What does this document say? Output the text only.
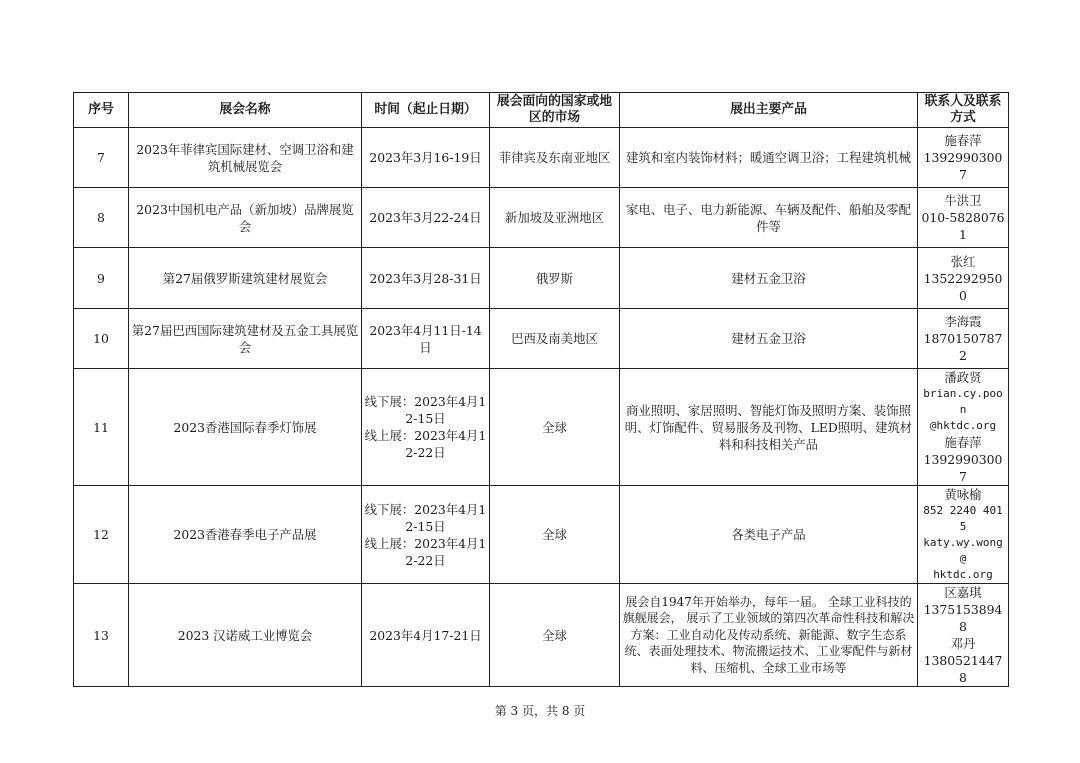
序号	展会名称	时间（起止日期）	展会面向的国家或地区的市场	展出主要产品	联系人及联系方式
7	2023年菲律宾国际建材、空调卫浴和建筑机械展览会	2023年3月16-19日	菲律宾及东南亚地区	建筑和室内装饰材料；暖通空调卫浴；工程建筑机械	施春萍
13929903007

8	2023中国机电产品（新加坡）品牌展览会	2023年3月22-24日	新加坡及亚洲地区	家电、电子、电力新能源、车辆及配件、船舶及零配件等	牛洪卫
010-58280761

9	第27届俄罗斯建筑建材展览会	2023年3月28-31日	俄罗斯	建材五金卫浴	张红
13522929500

10	第27届巴西国际建筑建材及五金工具展览会	2023年4月11日-14日	巴西及南美地区	建材五金卫浴	李海霞
18701507872

11	2023香港国际春季灯饰展	线下展：2023年4月12-15日
线上展：2023年4月12-22日	全球	商业照明、家居照明、智能灯饰及照明方案、装饰照明、灯饰配件、贸易服务及刊物、LED照明、建筑材料和科技相关产品	潘政贤
brian.cy.poon
@hktdc.org
施春萍
13929903007

12	2023香港春季电子产品展	线下展：2023年4月12-15日
线上展：2023年4月12-22日	全球	各类电子产品	黄咏榆
852 2240 4015
katy.wy.wong@
hktdc.org

13	2023 汉诺威工业博览会	2023年4月17-21日	全球	展会自1947年开始举办，每年一届。 全球工业科技的旗舰展会， 展示了工业领域的第四次革命性科技和解决方案：工业自动化及传动系统、新能源、数字生态系统、表面处理技术、物流搬运技术、工业零配件与新材料、压缩机、全球工业市场等	区嘉琪
13751538948
邓丹
13805214478
第 3 页，共 8 页
